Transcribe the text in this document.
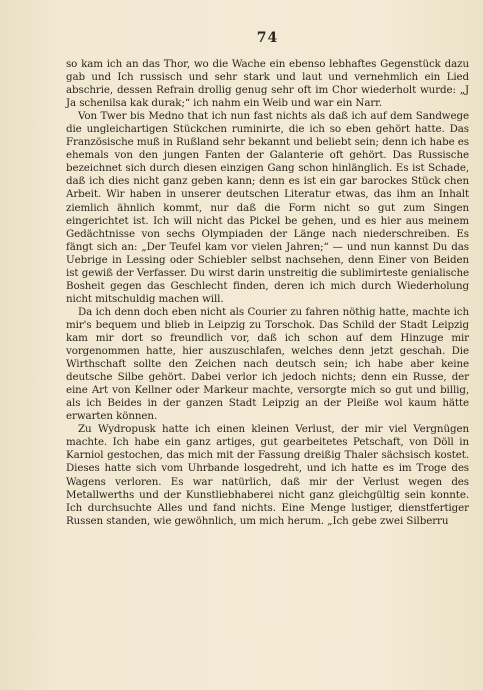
74

so kam ich an das Thor, wo die Wache ein ebenso lebhaftes Gegenstück dazu gab und Ich russisch und sehr stark und laut und vernehmlich ein Lied abschrie, dessen Refrain drollig genug sehr oft im Chor wiederholt wurde: „J Ja schenilsa kak durak;“ ich nahm ein Weib und war ein Narr.

Von Twer bis Medno that ich nun fast nichts als daß ich auf dem Sandwege die ungleichartigen Stückchen ruminirte, die ich so eben gehört hatte. Das Französische muß in Rußland sehr bekannt und beliebt sein; denn ich habe es ehemals von den jungen Fanten der Galanterie oft gehört. Das Russische bezeichnet sich durch diesen einzigen Gang schon hinlänglich. Es ist Schade, daß ich dies nicht ganz geben kann; denn es ist ein gar barockes Stück chen Arbeit. Wir haben in unserer deutschen Literatur etwas, das ihm an Inhalt ziemlich ähnlich kommt, nur daß die Form nicht so gut zum Singen eingerichtet ist. Ich will nicht das Pickel be gehen, und es hier aus meinem Gedächtnisse von sechs Olympiaden der Länge nach niederschreiben. Es fängt sich an: „Der Teufel kam vor vielen Jahren;“ — und nun kannst Du das Uebrige in Lessing oder Schiebler selbst nachsehen, denn Einer von Beiden ist gewiß der Verfasser. Du wirst darin unstreitig die sublimirteste genialische Bosheit gegen das Geschlecht finden, deren ich mich durch Wiederholung nicht mitschuldig machen will.

Da ich denn doch eben nicht als Courier zu fahren nöthig hatte, machte ich mir's bequem und blieb in Leipzig zu Torschok. Das Schild der Stadt Leipzig kam mir dort so freundlich vor, daß ich schon auf dem Hinzuge mir vorgenommen hatte, hier auszuschlafen, welches denn jetzt geschah. Die Wirthschaft sollte den Zeichen nach deutsch sein; ich habe aber keine deutsche Silbe gehört. Dabei verlor ich jedoch nichts; denn ein Russe, der eine Art von Kellner oder Markeur machte, versorgte mich so gut und billig, als ich Beides in der ganzen Stadt Leipzig an der Pleiße wol kaum hätte erwarten können.

Zu Wydropusk hatte ich einen kleinen Verlust, der mir viel Vergnügen machte. Ich habe ein ganz artiges, gut gearbeitetes Petschaft, von Döll in Karniol gestochen, das mich mit der Fassung dreißig Thaler sächsisch kostet. Dieses hatte sich vom Uhrbande losgedreht, und ich hatte es im Troge des Wagens verloren. Es war natürlich, daß mir der Verlust wegen des Metallwerths und der Kunstliebhaberei nicht ganz gleichgültig sein konnte. Ich durchsuchte Alles und fand nichts. Eine Menge lustiger, dienstfertiger Russen standen, wie gewöhnlich, um mich herum. „Ich gebe zwei Silberru
